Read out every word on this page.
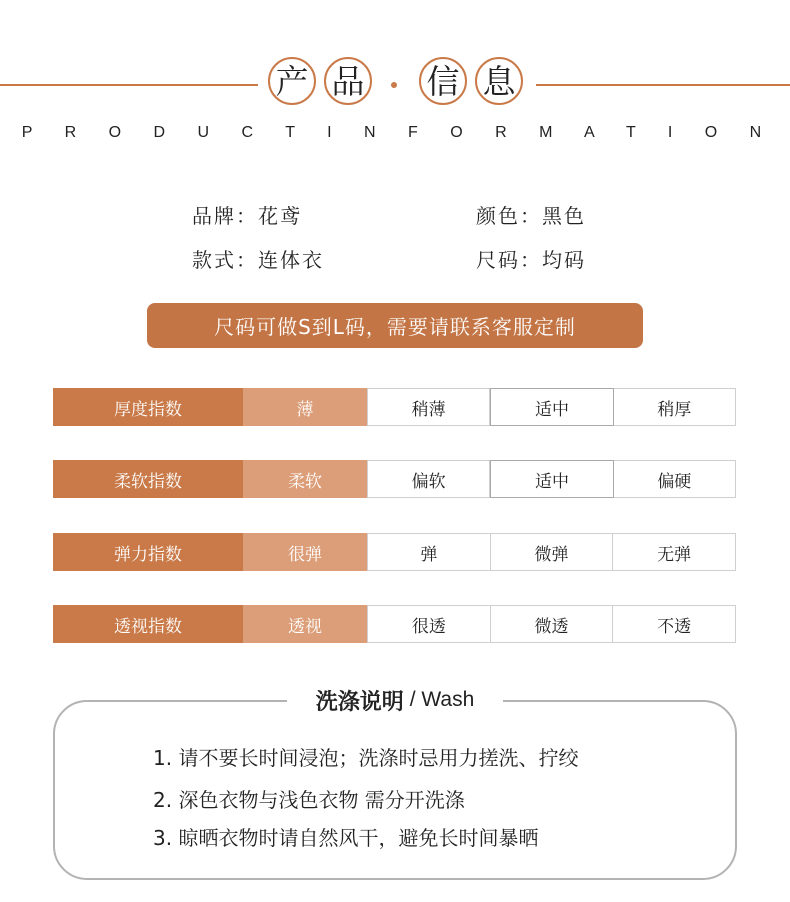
产 品 信 息
P R O D U C T I N F O R M A T I O N
品牌：花鸢	颜色：黑色
款式：连体衣	尺码：均码
尺码可做S到L码，需要请联系客服定制
厚度指数	薄	稍薄	适中	稍厚
柔软指数	柔软	偏软	适中	偏硬
弹力指数	很弹	弹	微弹	无弹
透视指数	透视	很透	微透	不透
洗涤说明 / Wash
1. 请不要长时间浸泡；洗涤时忌用力搓洗、拧绞
2. 深色衣物与浅色衣物 需分开洗涤
3. 晾晒衣物时请自然风干，避免长时间暴晒
